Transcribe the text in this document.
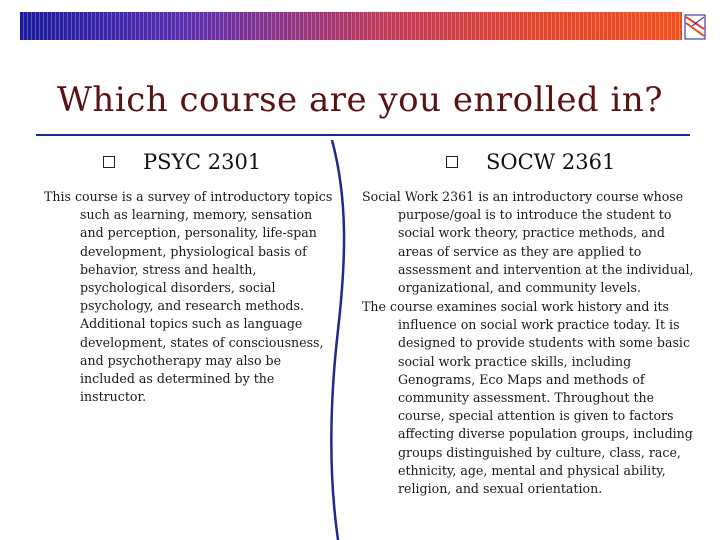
Which course are you enrolled in?
PSYC 2301	SOCW 2361

This course is a survey of introductory topics such as learning, memory, sensation and perception, personality, life-span development, physiological basis of behavior, stress and health, psychological disorders, social psychology, and research methods. Additional topics such as language development, states of consciousness, and psychotherapy may also be included as determined by the instructor.

Social Work 2361 is an introductory course whose purpose/goal is to introduce the student to social work theory, practice methods, and areas of service as they are applied to assessment and intervention at the individual, organizational, and community levels.

The course examines social work history and its influence on social work practice today. It is designed to provide students with some basic social work practice skills, including Genograms, Eco Maps and methods of community assessment. Throughout the course, special attention is given to factors affecting diverse population groups, including groups distinguished by culture, class, race, ethnicity, age, mental and physical ability, religion, and sexual orientation.
